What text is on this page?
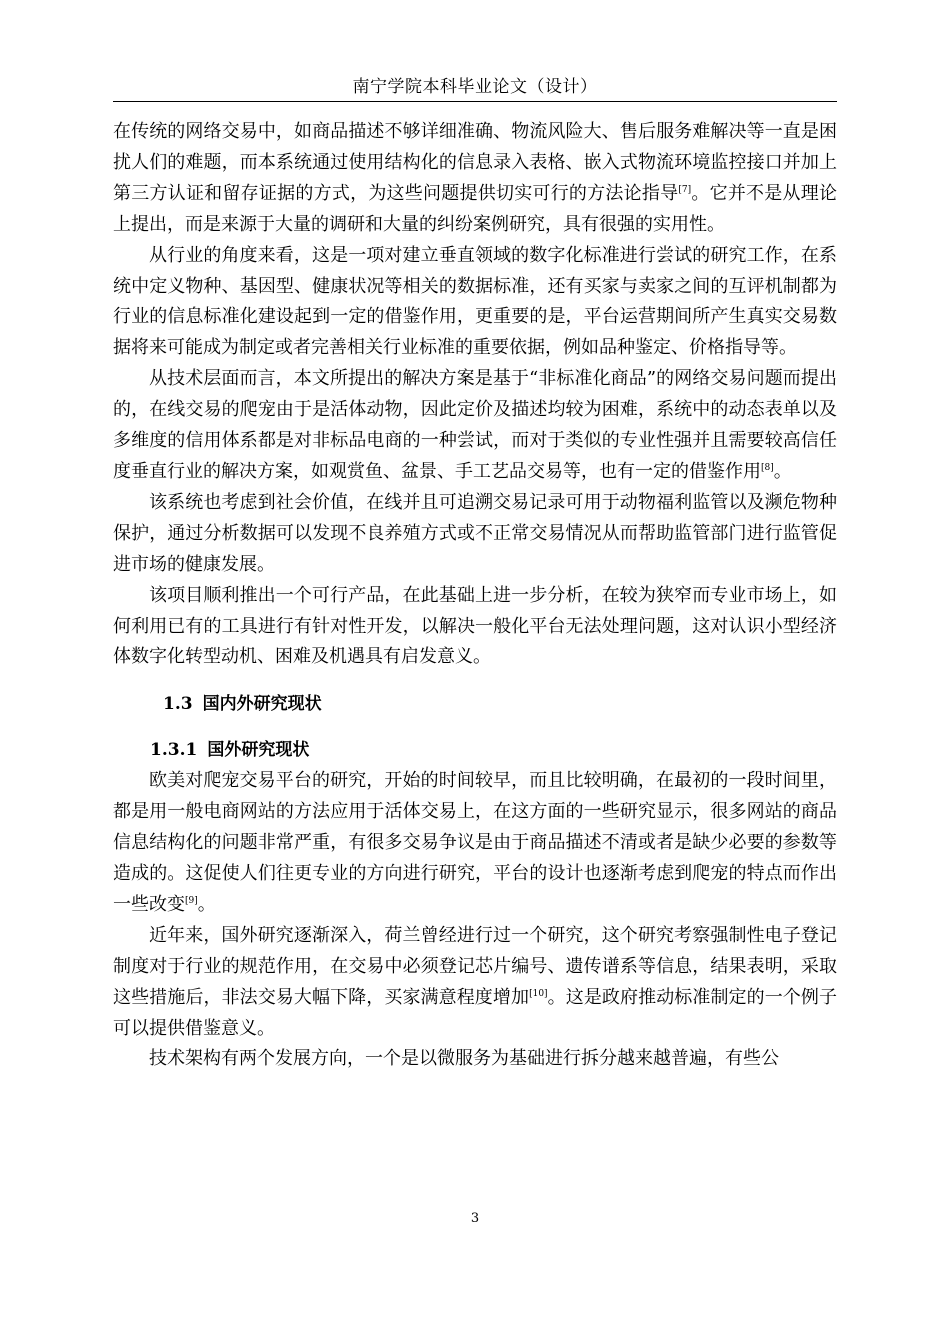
南宁学院本科毕业论文（设计）

在传统的网络交易中，如商品描述不够详细准确、物流风险大、售后服务难解决等一直是困扰人们的难题，而本系统通过使用结构化的信息录入表格、嵌入式物流环境监控接口并加上第三方认证和留存证据的方式，为这些问题提供切实可行的方法论指导[7]。它并不是从理论上提出，而是来源于大量的调研和大量的纠纷案例研究，具有很强的实用性。

从行业的角度来看，这是一项对建立垂直领域的数字化标准进行尝试的研究工作，在系统中定义物种、基因型、健康状况等相关的数据标准，还有买家与卖家之间的互评机制都为行业的信息标准化建设起到一定的借鉴作用，更重要的是，平台运营期间所产生真实交易数据将来可能成为制定或者完善相关行业标准的重要依据，例如品种鉴定、价格指导等。

从技术层面而言，本文所提出的解决方案是基于“非标准化商品”的网络交易问题而提出的，在线交易的爬宠由于是活体动物，因此定价及描述均较为困难，系统中的动态表单以及多维度的信用体系都是对非标品电商的一种尝试，而对于类似的专业性强并且需要较高信任度垂直行业的解决方案，如观赏鱼、盆景、手工艺品交易等，也有一定的借鉴作用[8]。

该系统也考虑到社会价值，在线并且可追溯交易记录可用于动物福利监管以及濒危物种保护，通过分析数据可以发现不良养殖方式或不正常交易情况从而帮助监管部门进行监管促进市场的健康发展。

该项目顺利推出一个可行产品，在此基础上进一步分析，在较为狭窄而专业市场上，如何利用已有的工具进行有针对性开发，以解决一般化平台无法处理问题，这对认识小型经济体数字化转型动机、困难及机遇具有启发意义。

1.3 国内外研究现状
1.3.1 国外研究现状

欧美对爬宠交易平台的研究，开始的时间较早，而且比较明确，在最初的一段时间里，都是用一般电商网站的方法应用于活体交易上，在这方面的一些研究显示，很多网站的商品信息结构化的问题非常严重，有很多交易争议是由于商品描述不清或者是缺少必要的参数等造成的。这促使人们往更专业的方向进行研究，平台的设计也逐渐考虑到爬宠的特点而作出一些改变[9]。

近年来，国外研究逐渐深入，荷兰曾经进行过一个研究，这个研究考察强制性电子登记制度对于行业的规范作用，在交易中必须登记芯片编号、遗传谱系等信息，结果表明，采取这些措施后，非法交易大幅下降，买家满意程度增加[10]。这是政府推动标准制定的一个例子可以提供借鉴意义。

技术架构有两个发展方向，一个是以微服务为基础进行拆分越来越普遍，有些公

3
